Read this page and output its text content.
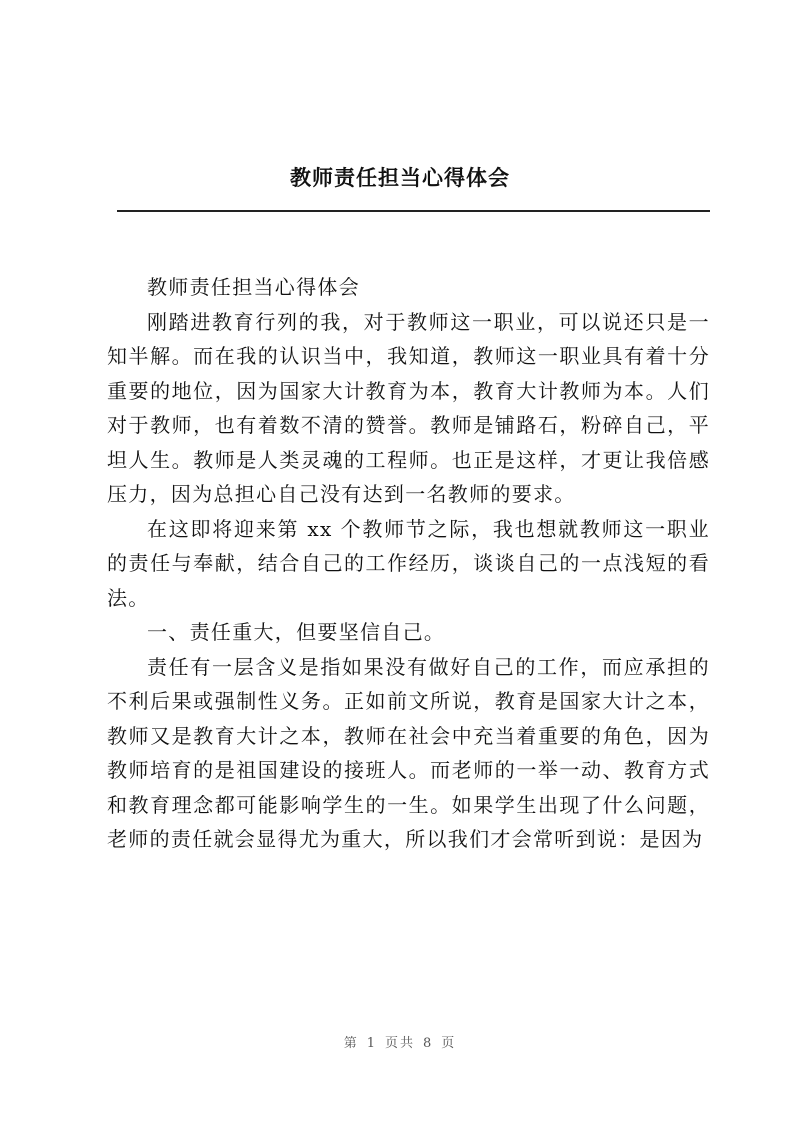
教师责任担当心得体会

教师责任担当心得体会

刚踏进教育行列的我，对于教师这一职业，可以说还只是一知半解。而在我的认识当中，我知道，教师这一职业具有着十分重要的地位，因为国家大计教育为本，教育大计教师为本。人们对于教师，也有着数不清的赞誉。教师是铺路石，粉碎自己，平坦人生。教师是人类灵魂的工程师。也正是这样，才更让我倍感压力，因为总担心自己没有达到一名教师的要求。

在这即将迎来第 xx 个教师节之际，我也想就教师这一职业的责任与奉献，结合自己的工作经历，谈谈自己的一点浅短的看法。

一、责任重大，但要坚信自己。

责任有一层含义是指如果没有做好自己的工作，而应承担的不利后果或强制性义务。正如前文所说，教育是国家大计之本，教师又是教育大计之本，教师在社会中充当着重要的角色，因为教师培育的是祖国建设的接班人。而老师的一举一动、教育方式和教育理念都可能影响学生的一生。如果学生出现了什么问题，老师的责任就会显得尤为重大，所以我们才会常听到说：是因为

第 1 页共 8 页
